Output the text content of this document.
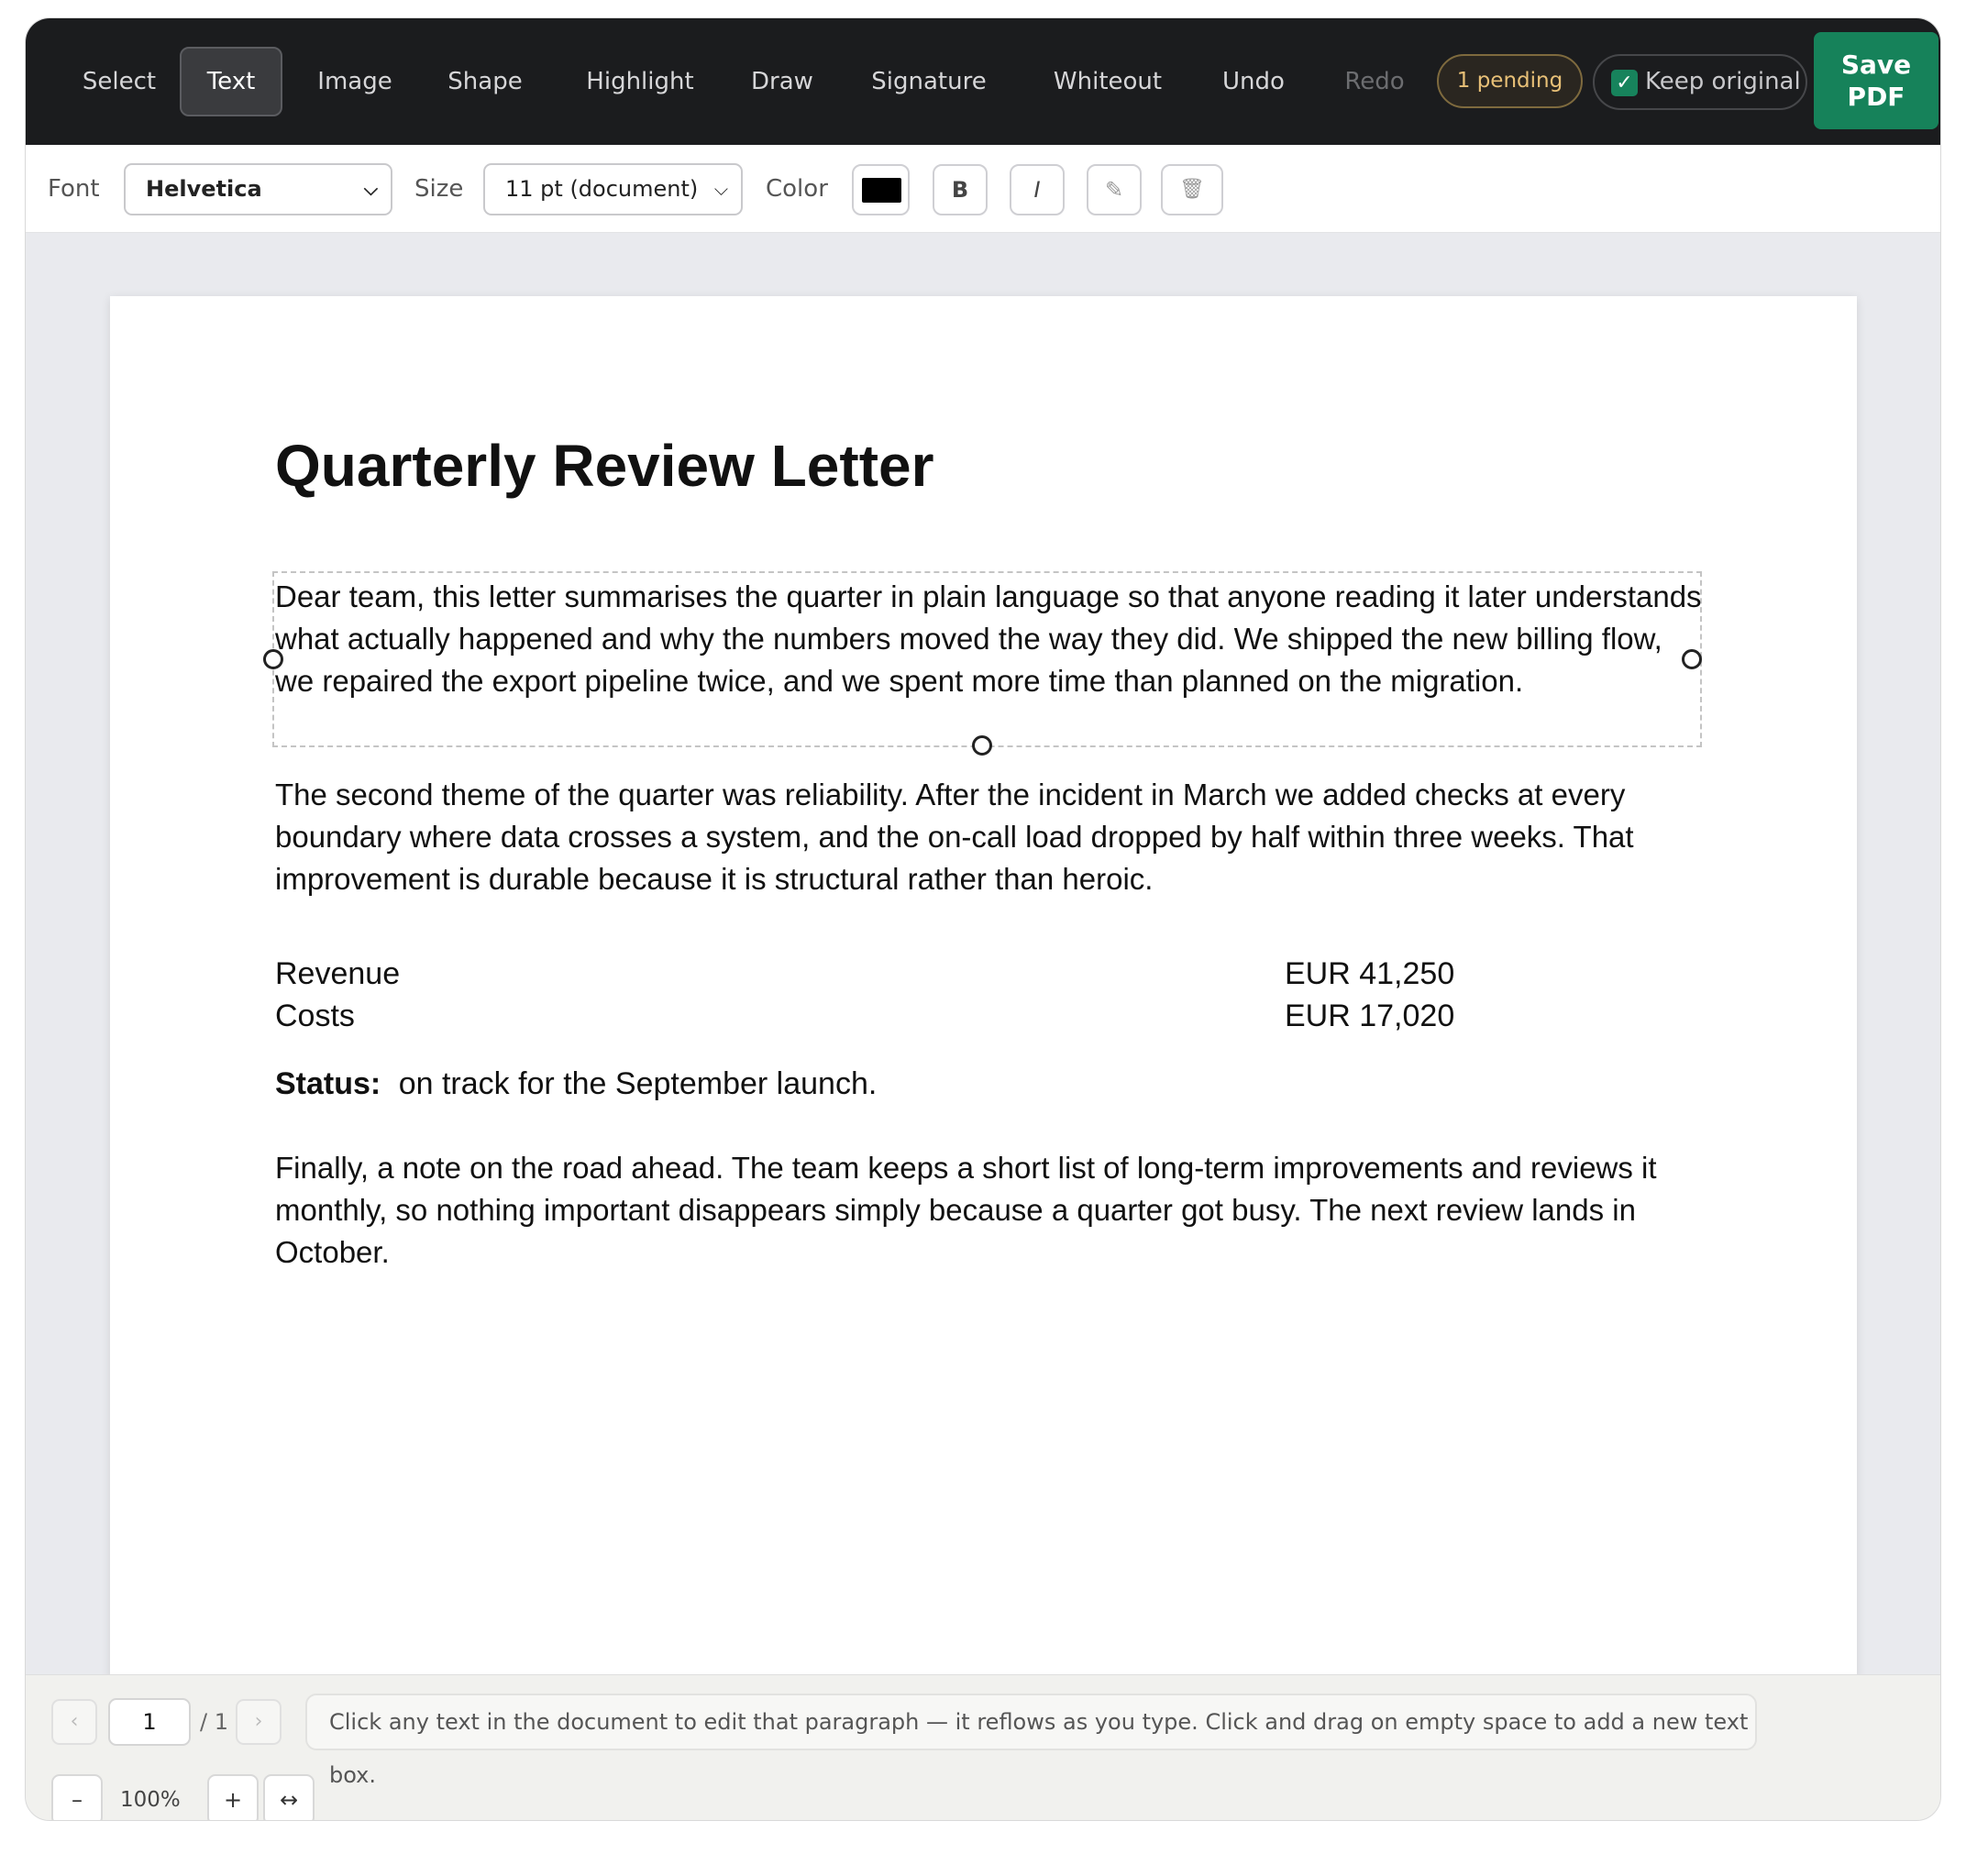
Select	Text	Image	Shape	Highlight	Draw	Signature	Whiteout	Undo	Redo	1 pending	✓ Keep original
Save
PDF
Font	Helvetica	⌵ Size	11 pt (document) ⌵ Color	B	I	✎	🗑
Quarterly Review Letter
Dear team, this letter summarises the quarter in plain language so that anyone reading it later understands what actually happened and why the numbers moved the way they did. We shipped the new billing flow, we repaired the export pipeline twice, and we spent more time than planned on the migration.
The second theme of the quarter was reliability. After the incident in March we added checks at every boundary where data crosses a system, and the on-call load dropped by half within three weeks. That improvement is durable because it is structural rather than heroic.
Revenue	EUR 41,250
Costs	EUR 17,020
Status: on track for the September launch.
Finally, a note on the road ahead. The team keeps a short list of long-term improvements and reviews it monthly, so nothing important disappears simply because a quarter got busy. The next review lands in October.
‹	1	/ 1	›	Click any text in the document to edit that paragraph — it reflows as you type. Click and drag on empty space to add a new text box.
–	100%	+	↔
